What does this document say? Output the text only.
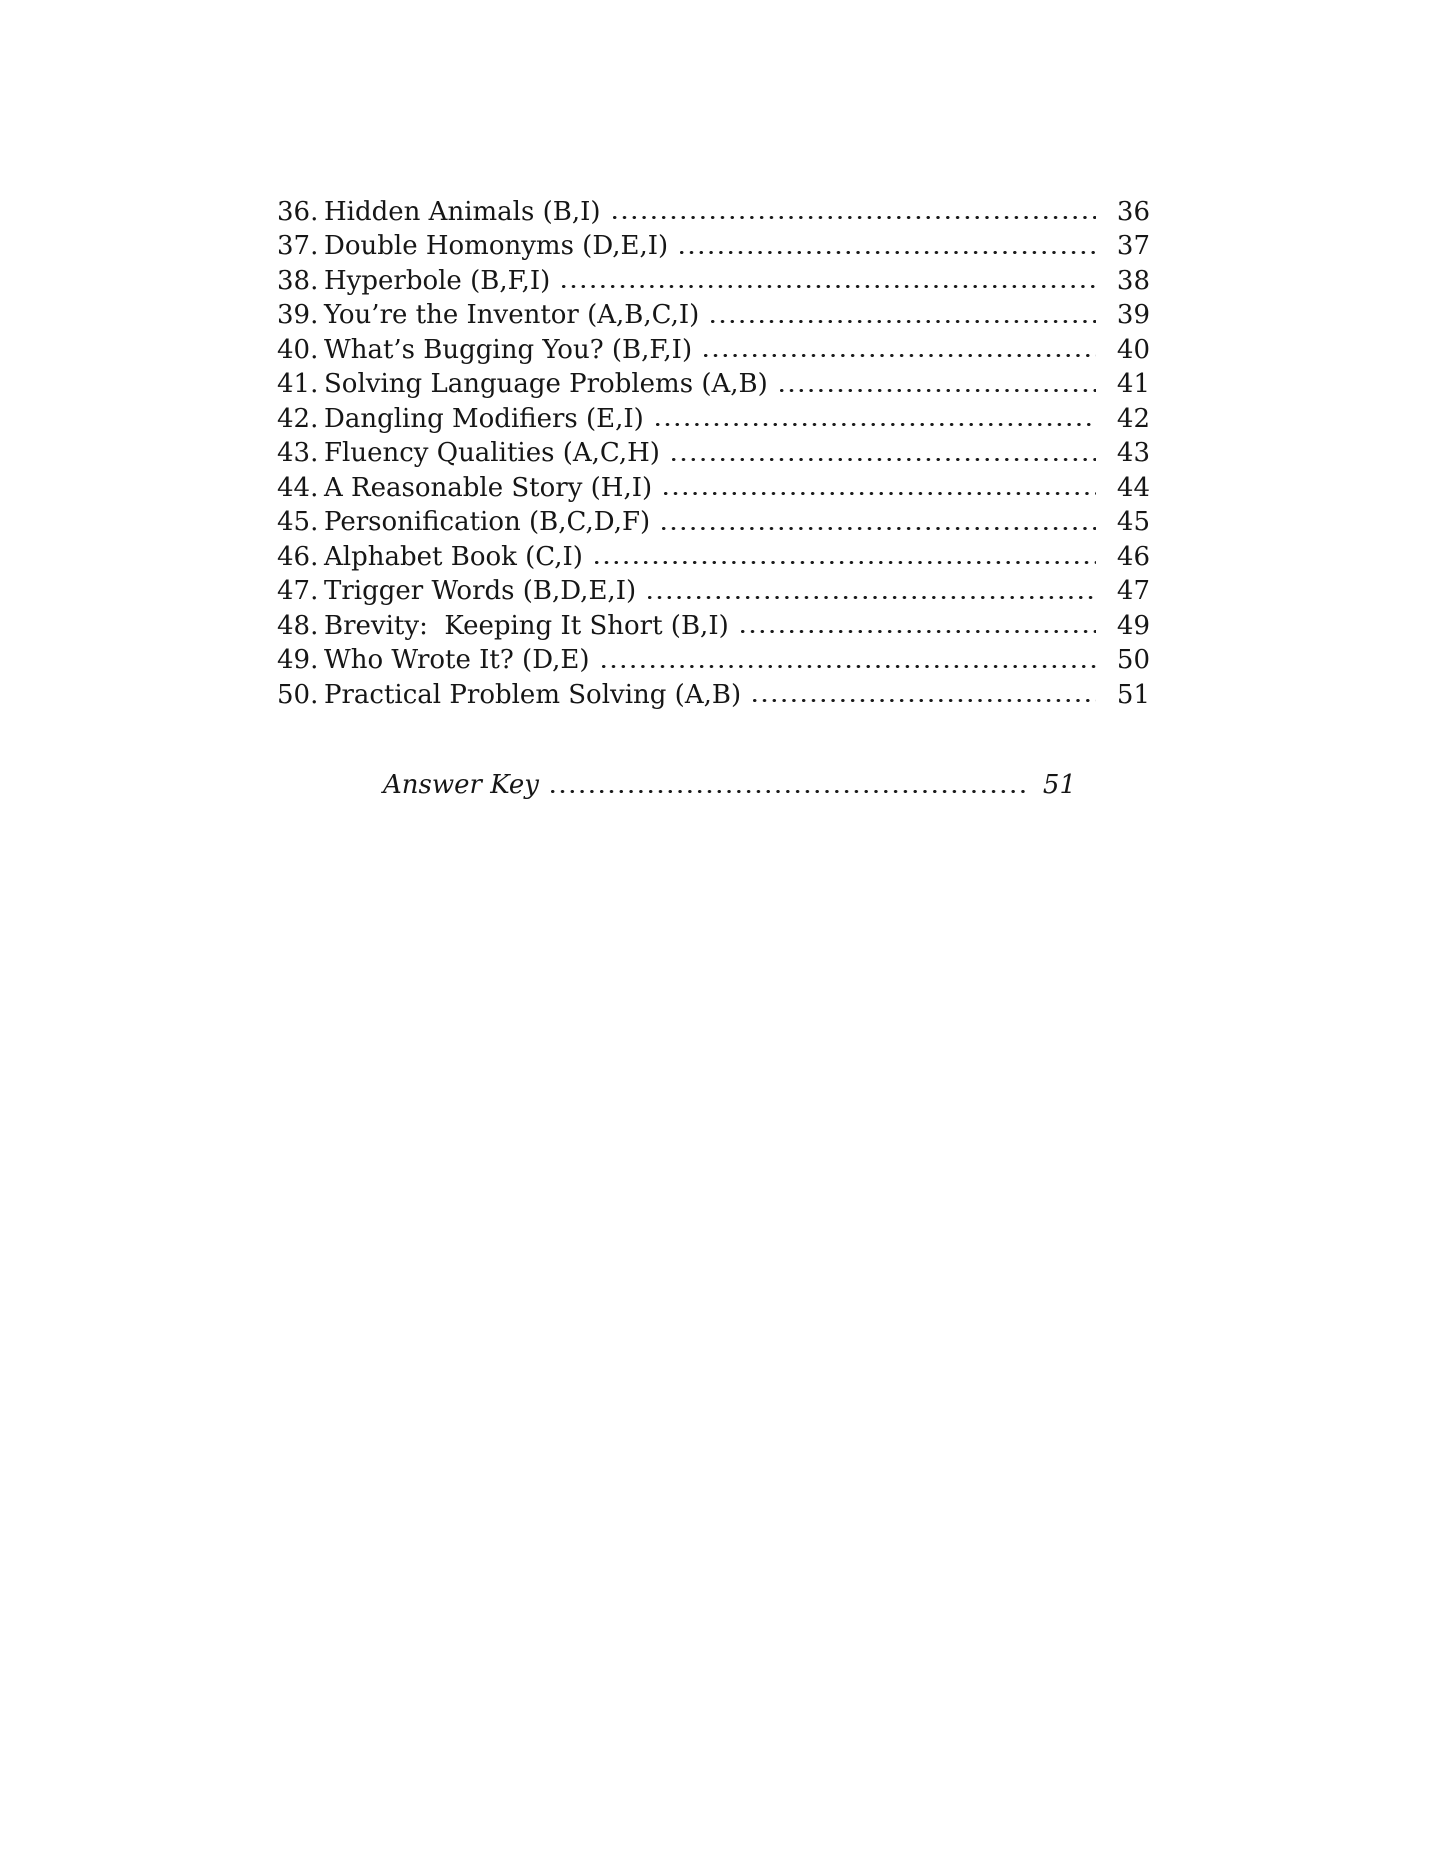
36. Hidden Animals (B,I)	36
37. Double Homonyms (D,E,I)	37
38. Hyperbole (B,F,I)	38
39. You’re the Inventor (A,B,C,I)	39
40. What’s Bugging You? (B,F,I)	40
41. Solving Language Problems (A,B)	41
42. Dangling Modifiers (E,I)	42
43. Fluency Qualities (A,C,H)	43
44. A Reasonable Story (H,I)	44
45. Personification (B,C,D,F)	45
46. Alphabet Book (C,I)	46
47. Trigger Words (B,D,E,I)	47
48. Brevity:  Keeping It Short (B,I)	49
49. Who Wrote It? (D,E)	50
50. Practical Problem Solving (A,B)	51
Answer Key	51
